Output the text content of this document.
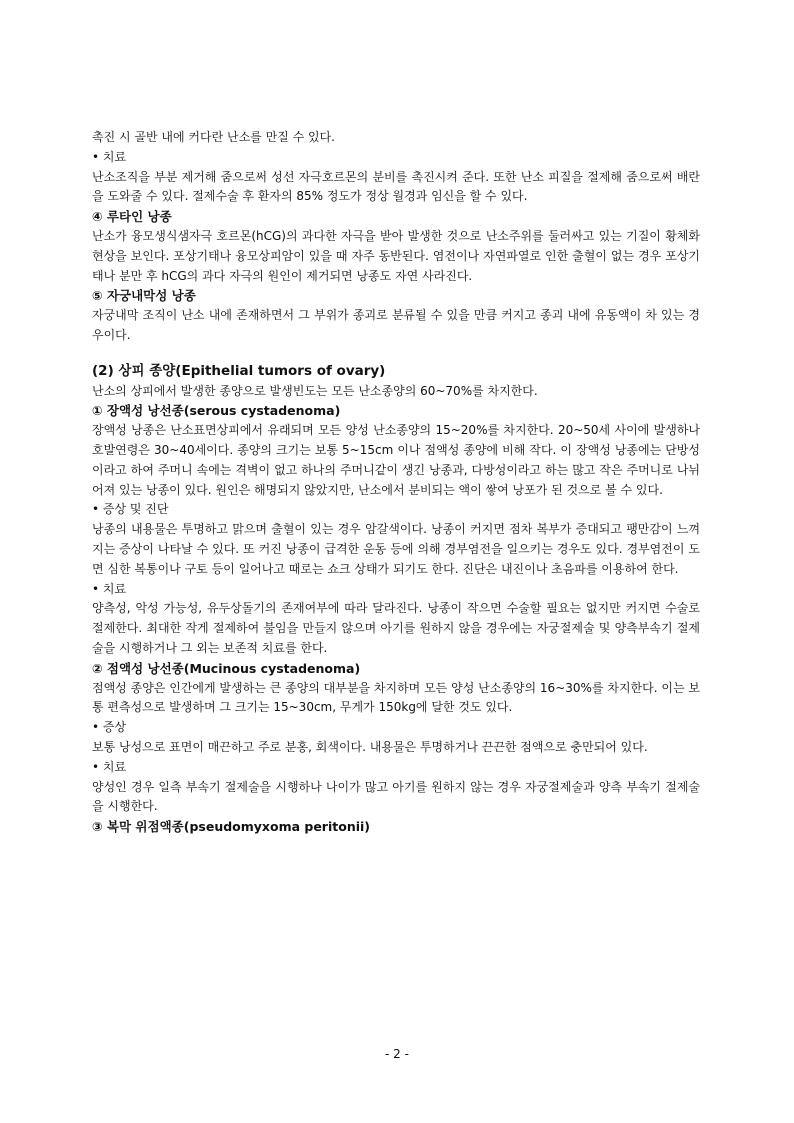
촉진 시 골반 내에 커다란 난소를 만질 수 있다.

• 치료

난소조직을 부분 제거해 줌으로써 성선 자극호르몬의 분비를 촉진시켜 준다. 또한 난소 피질을 절제해 줌으로써 배란을 도와줄 수 있다. 절제수술 후 환자의 85% 정도가 정상 월경과 임신을 할 수 있다.

④ 루타인 낭종

난소가 융모생식샘자극 호르몬(hCG)의 과다한 자극을 받아 발생한 것으로 난소주위를 둘러싸고 있는 기질이 황체화현상을 보인다. 포상기태나 융모상피암이 있을 때 자주 동반된다. 염전이나 자연파열로 인한 출혈이 없는 경우 포상기태나 분만 후 hCG의 과다 자극의 원인이 제거되면 낭종도 자연 사라진다.

⑤ 자궁내막성 낭종

자궁내막 조직이 난소 내에 존재하면서 그 부위가 종괴로 분류될 수 있을 만큼 커지고 종괴 내에 유동액이 차 있는 경우이다.

(2) 상피 종양(Epithelial tumors of ovary)

난소의 상피에서 발생한 종양으로 발생빈도는 모든 난소종양의 60~70%를 차지한다.

① 장액성 낭선종(serous cystadenoma)

장액성 낭종은 난소표면상피에서 유래되며 모든 양성 난소종양의 15~20%를 차지한다. 20~50세 사이에 발생하나 호발연령은 30~40세이다. 종양의 크기는 보통 5~15cm 이나 점액성 종양에 비해 작다. 이 장액성 낭종에는 단방성이라고 하여 주머니 속에는 격벽이 없고 하나의 주머니같이 생긴 낭종과, 다방성이라고 하는 많고 작은 주머니로 나뉘어져 있는 낭종이 있다. 원인은 해명되지 않았지만, 난소에서 분비되는 액이 쌓여 낭포가 된 것으로 볼 수 있다.

• 증상 및 진단

낭종의 내용물은 투명하고 맑으며 출혈이 있는 경우 암갈색이다. 낭종이 커지면 점차 복부가 증대되고 팽만감이 느껴지는 증상이 나타날 수 있다. 또 커진 낭종이 급격한 운동 등에 의해 경부염전을 일으키는 경우도 있다. 경부염전이 도면 심한 복통이나 구토 등이 일어나고 때로는 쇼크 상태가 되기도 한다. 진단은 내진이나 초음파를 이용하여 한다.

• 치료

양측성, 악성 가능성, 유두상돌기의 존재여부에 따라 달라진다. 낭종이 작으면 수술할 필요는 없지만 커지면 수술로 절제한다. 최대한 작게 절제하여 불임을 만들지 않으며 아기를 원하지 않을 경우에는 자궁절제술 및 양측부속기 절제술을 시행하거나 그 외는 보존적 치료를 한다.

② 점액성 낭선종(Mucinous cystadenoma)

점액성 종양은 인간에게 발생하는 큰 종양의 대부분을 차지하며 모든 양성 난소종양의 16~30%를 차지한다. 이는 보통 편측성으로 발생하며 그 크기는 15~30cm, 무게가 150kg에 달한 것도 있다.

• 증상

보통 낭성으로 표면이 매끈하고 주로 분홍, 회색이다. 내용물은 투명하거나 끈끈한 점액으로 충만되어 있다.

• 치료

양성인 경우 일측 부속기 절제술을 시행하나 나이가 많고 아기를 원하지 않는 경우 자궁절제술과 양측 부속기 절제술을 시행한다.

③ 복막 위점액종(pseudomyxoma peritonii)

- 2 -
